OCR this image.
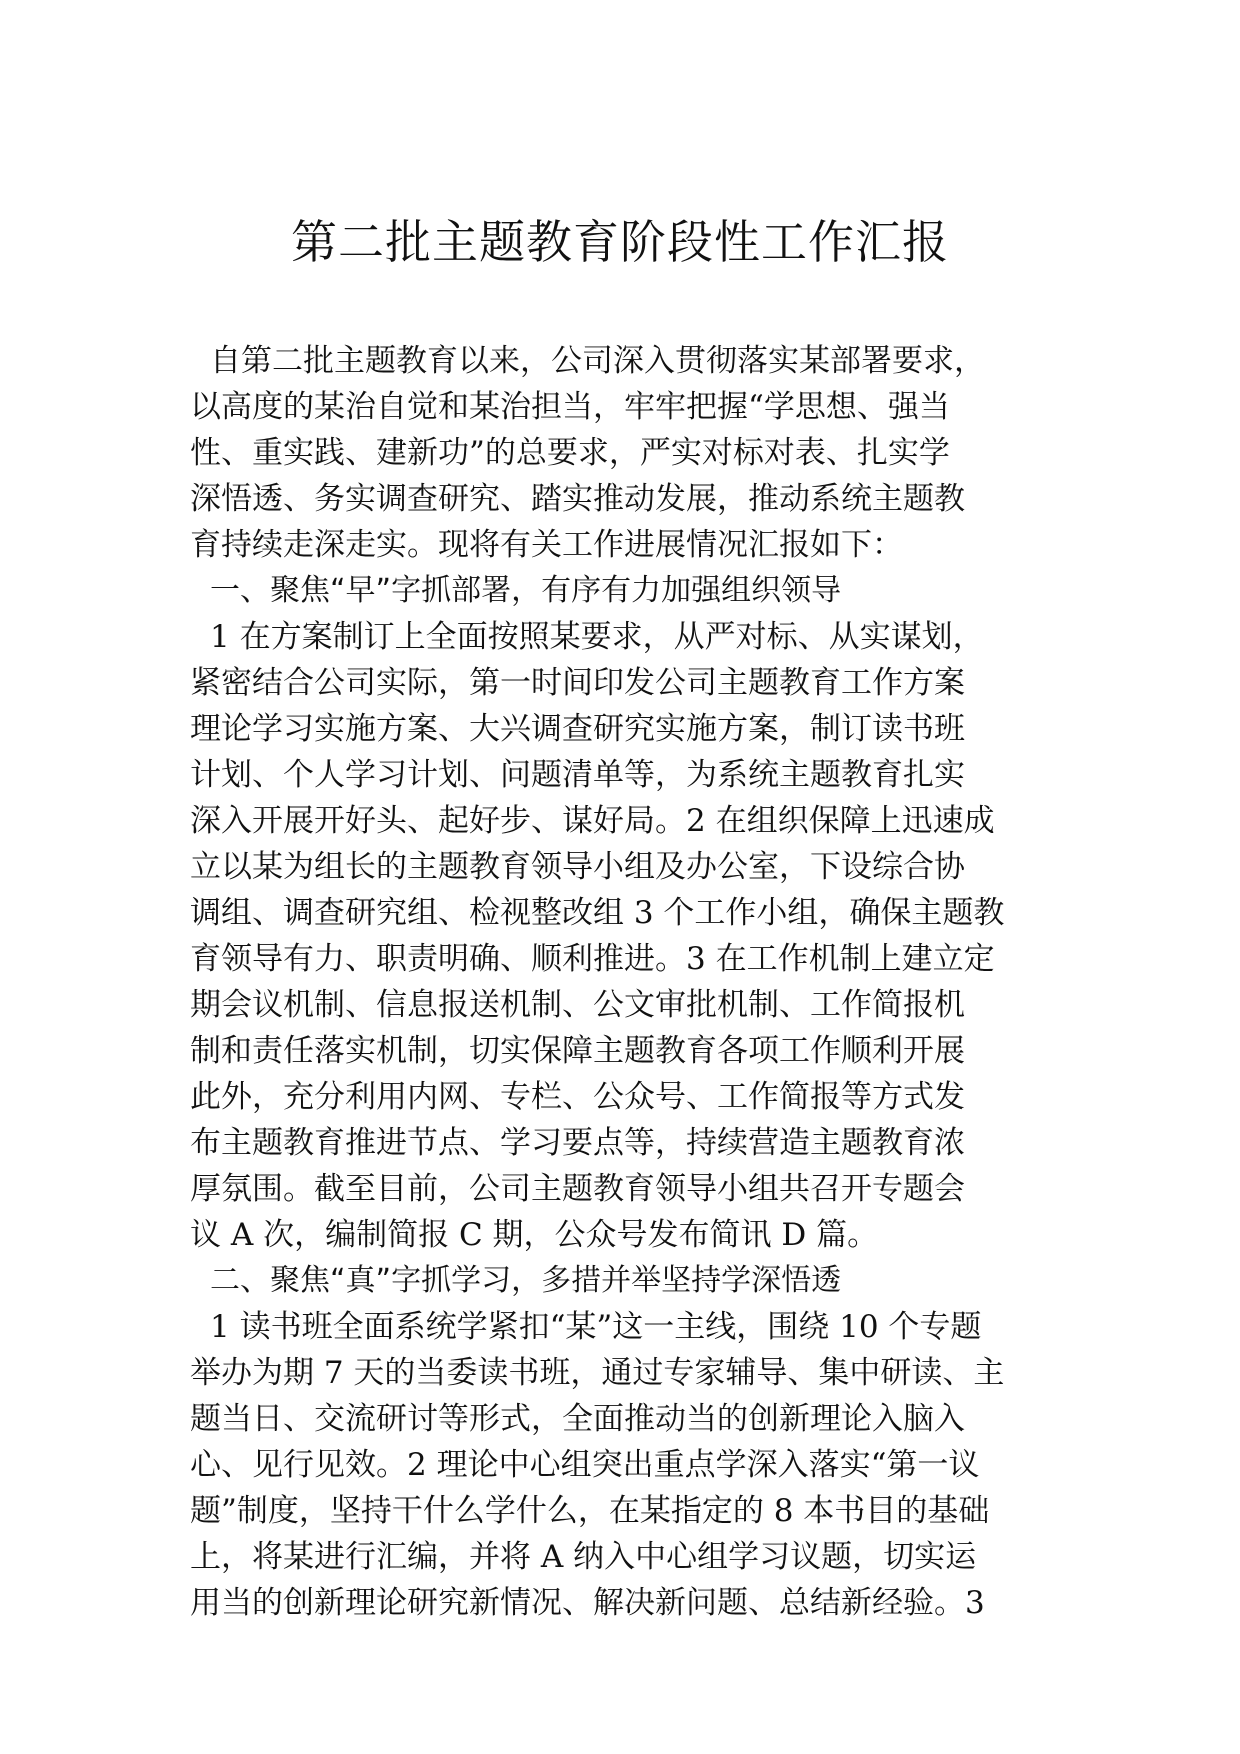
第二批主题教育阶段性工作汇报
自第二批主题教育以来，公司深入贯彻落实某部署要求，
以高度的某治自觉和某治担当，牢牢把握“学思想、强当
性、重实践、建新功”的总要求，严实对标对表、扎实学
深悟透、务实调查研究、踏实推动发展，推动系统主题教
育持续走深走实。现将有关工作进展情况汇报如下：
一、聚焦“早”字抓部署，有序有力加强组织领导
1 在方案制订上全面按照某要求，从严对标、从实谋划，
紧密结合公司实际，第一时间印发公司主题教育工作方案
理论学习实施方案、大兴调查研究实施方案，制订读书班
计划、个人学习计划、问题清单等，为系统主题教育扎实
深入开展开好头、起好步、谋好局。2 在组织保障上迅速成
立以某为组长的主题教育领导小组及办公室，下设综合协
调组、调查研究组、检视整改组 3 个工作小组，确保主题教
育领导有力、职责明确、顺利推进。3 在工作机制上建立定
期会议机制、信息报送机制、公文审批机制、工作简报机
制和责任落实机制，切实保障主题教育各项工作顺利开展
此外，充分利用内网、专栏、公众号、工作简报等方式发
布主题教育推进节点、学习要点等，持续营造主题教育浓
厚氛围。截至目前，公司主题教育领导小组共召开专题会
议 A 次，编制简报 C 期，公众号发布简讯 D 篇。
二、聚焦“真”字抓学习，多措并举坚持学深悟透
1 读书班全面系统学紧扣“某”这一主线，围绕 10 个专题
举办为期 7 天的当委读书班，通过专家辅导、集中研读、主
题当日、交流研讨等形式，全面推动当的创新理论入脑入
心、见行见效。2 理论中心组突出重点学深入落实“第一议
题”制度，坚持干什么学什么，在某指定的 8 本书目的基础
上，将某进行汇编，并将 A 纳入中心组学习议题，切实运
用当的创新理论研究新情况、解决新问题、总结新经验。3
